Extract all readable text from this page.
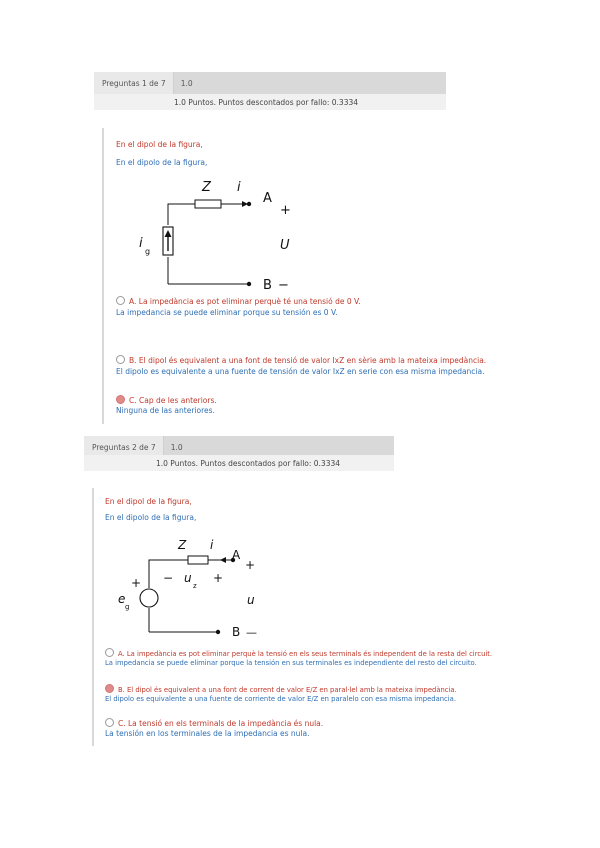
Preguntas 1 de 7	1.0
1.0 Puntos. Puntos descontados por fallo: 0.3334
En el dipol de la figura,
En el dipolo de la figura,
Z i
A
+
U
i
g
B −
A. La impedància es pot eliminar perquè té una tensió de 0 V.
La impedancia se puede eliminar porque su tensión es 0 V.
B. El dipol és equivalent a una font de tensió de valor IxZ en sèrie amb la mateixa impedància.
El dipolo es equivalente a una fuente de tensión de valor IxZ en serie con esa misma impedancia.
C. Cap de les anteriors.
Ninguna de las anteriores.
Preguntas 2 de 7	1.0
1.0 Puntos. Puntos descontados por fallo: 0.3334
En el dipol de la figura,
En el dipolo de la figura,
Z i
A
+
− u
z
+
+
u
e
g
B —
A. La impedància es pot eliminar perquè la tensió en els seus terminals és independent de la resta del circuit.
La impedancia se puede eliminar porque la tensión en sus terminales es independiente del resto del circuito.
B. El dipol és equivalent a una font de corrent de valor E/Z en paral·lel amb la mateixa impedància.
El dipolo es equivalente a una fuente de corriente de valor E/Z en paralelo con esa misma impedancia.
C. La tensió en els terminals de la impedància és nula.
La tensión en los terminales de la impedancia es nula.
